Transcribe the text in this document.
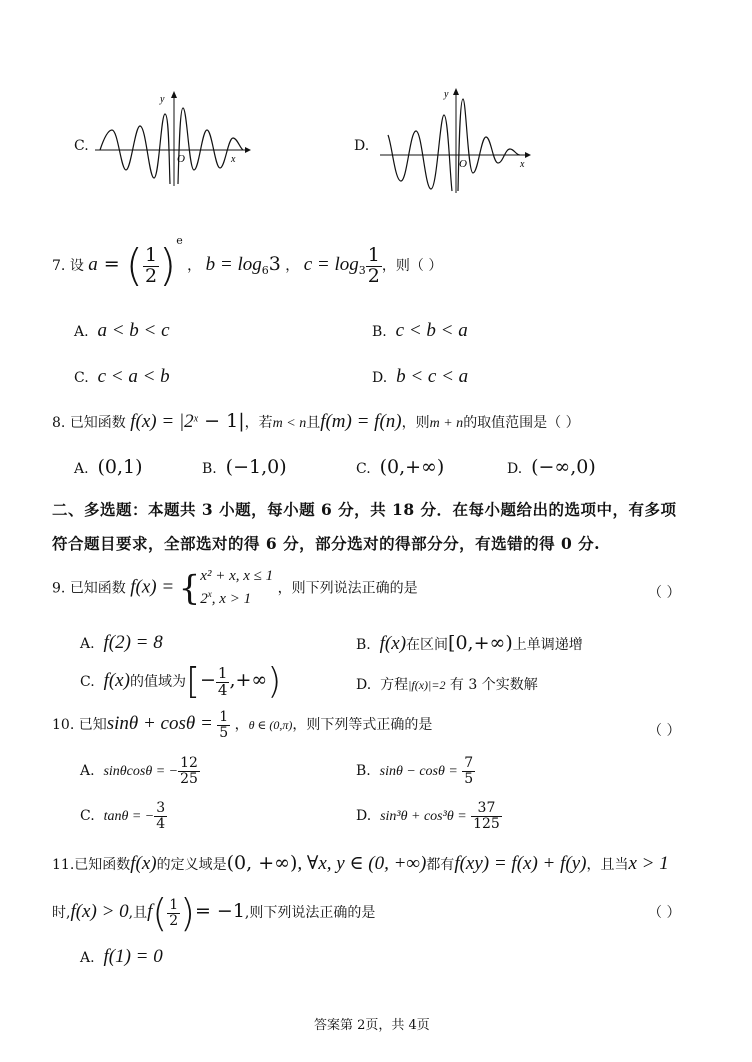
C.
O	x
y
D.
O	x
y
7. 设 a = ( $\frac{1}{2} )^e$ ， $b = \log_63$ ， $c = \log_3 \frac{1}{2}$ ，则（ ）
A. a < b < c	B. c < b < a
C. c < a < b	D. b < c < a
8. 已知函数 $f(x) = |2^x - 1|$，若m < n且f(m) = f(n)，则m + n的取值范围是（ ）
A. (0,1)	B. (−1,0)	C. (0,+∞)	D. (−∞,0)
二、多选题：本题共 3 小题，每小题 6 分，共 18 分．在每小题给出的选项中，有多项
符合题目要求，全部选对的得 6 分，部分选对的得部分分，有选错的得 0 分.
9. 已知函数 f(x) = { x² + x, x ≤ 1
2$^x$, x > 1
，则下列说法正确的是	（ ）
A. f(2) = 8	B. f(x)在区间[0,+∞)上单调递增
C. f(x)的值域为[− $\frac{1}{4}$ ,+∞)	D. 方程|f(x)|=2 有 3 个实数解
10. 已知$\sin\theta + \cos\theta = \frac{1}{5}$ ，θ ∈ (0,π)，则下列等式正确的是	（ ）
A. sinθcosθ = − $\frac{12}{25}$	B. $\sin\theta - \cos\theta = \frac{7}{5}$
C. tanθ = − $\frac{3}{4}$	D. $\sin^3\theta + \cos^3\theta = \frac{37}{125}$
11.已知函数f(x)的定义域是(0, +∞), ∀x, y ∈ (0, +∞)都有f(xy) = f(x) + f(y)，且当x > 1
时,f(x) > 0,且$f( \frac{1}{2}$ )= −1,则下列说法正确的是	（ ）
A. f(1) = 0
答案第 2页，共 4页
